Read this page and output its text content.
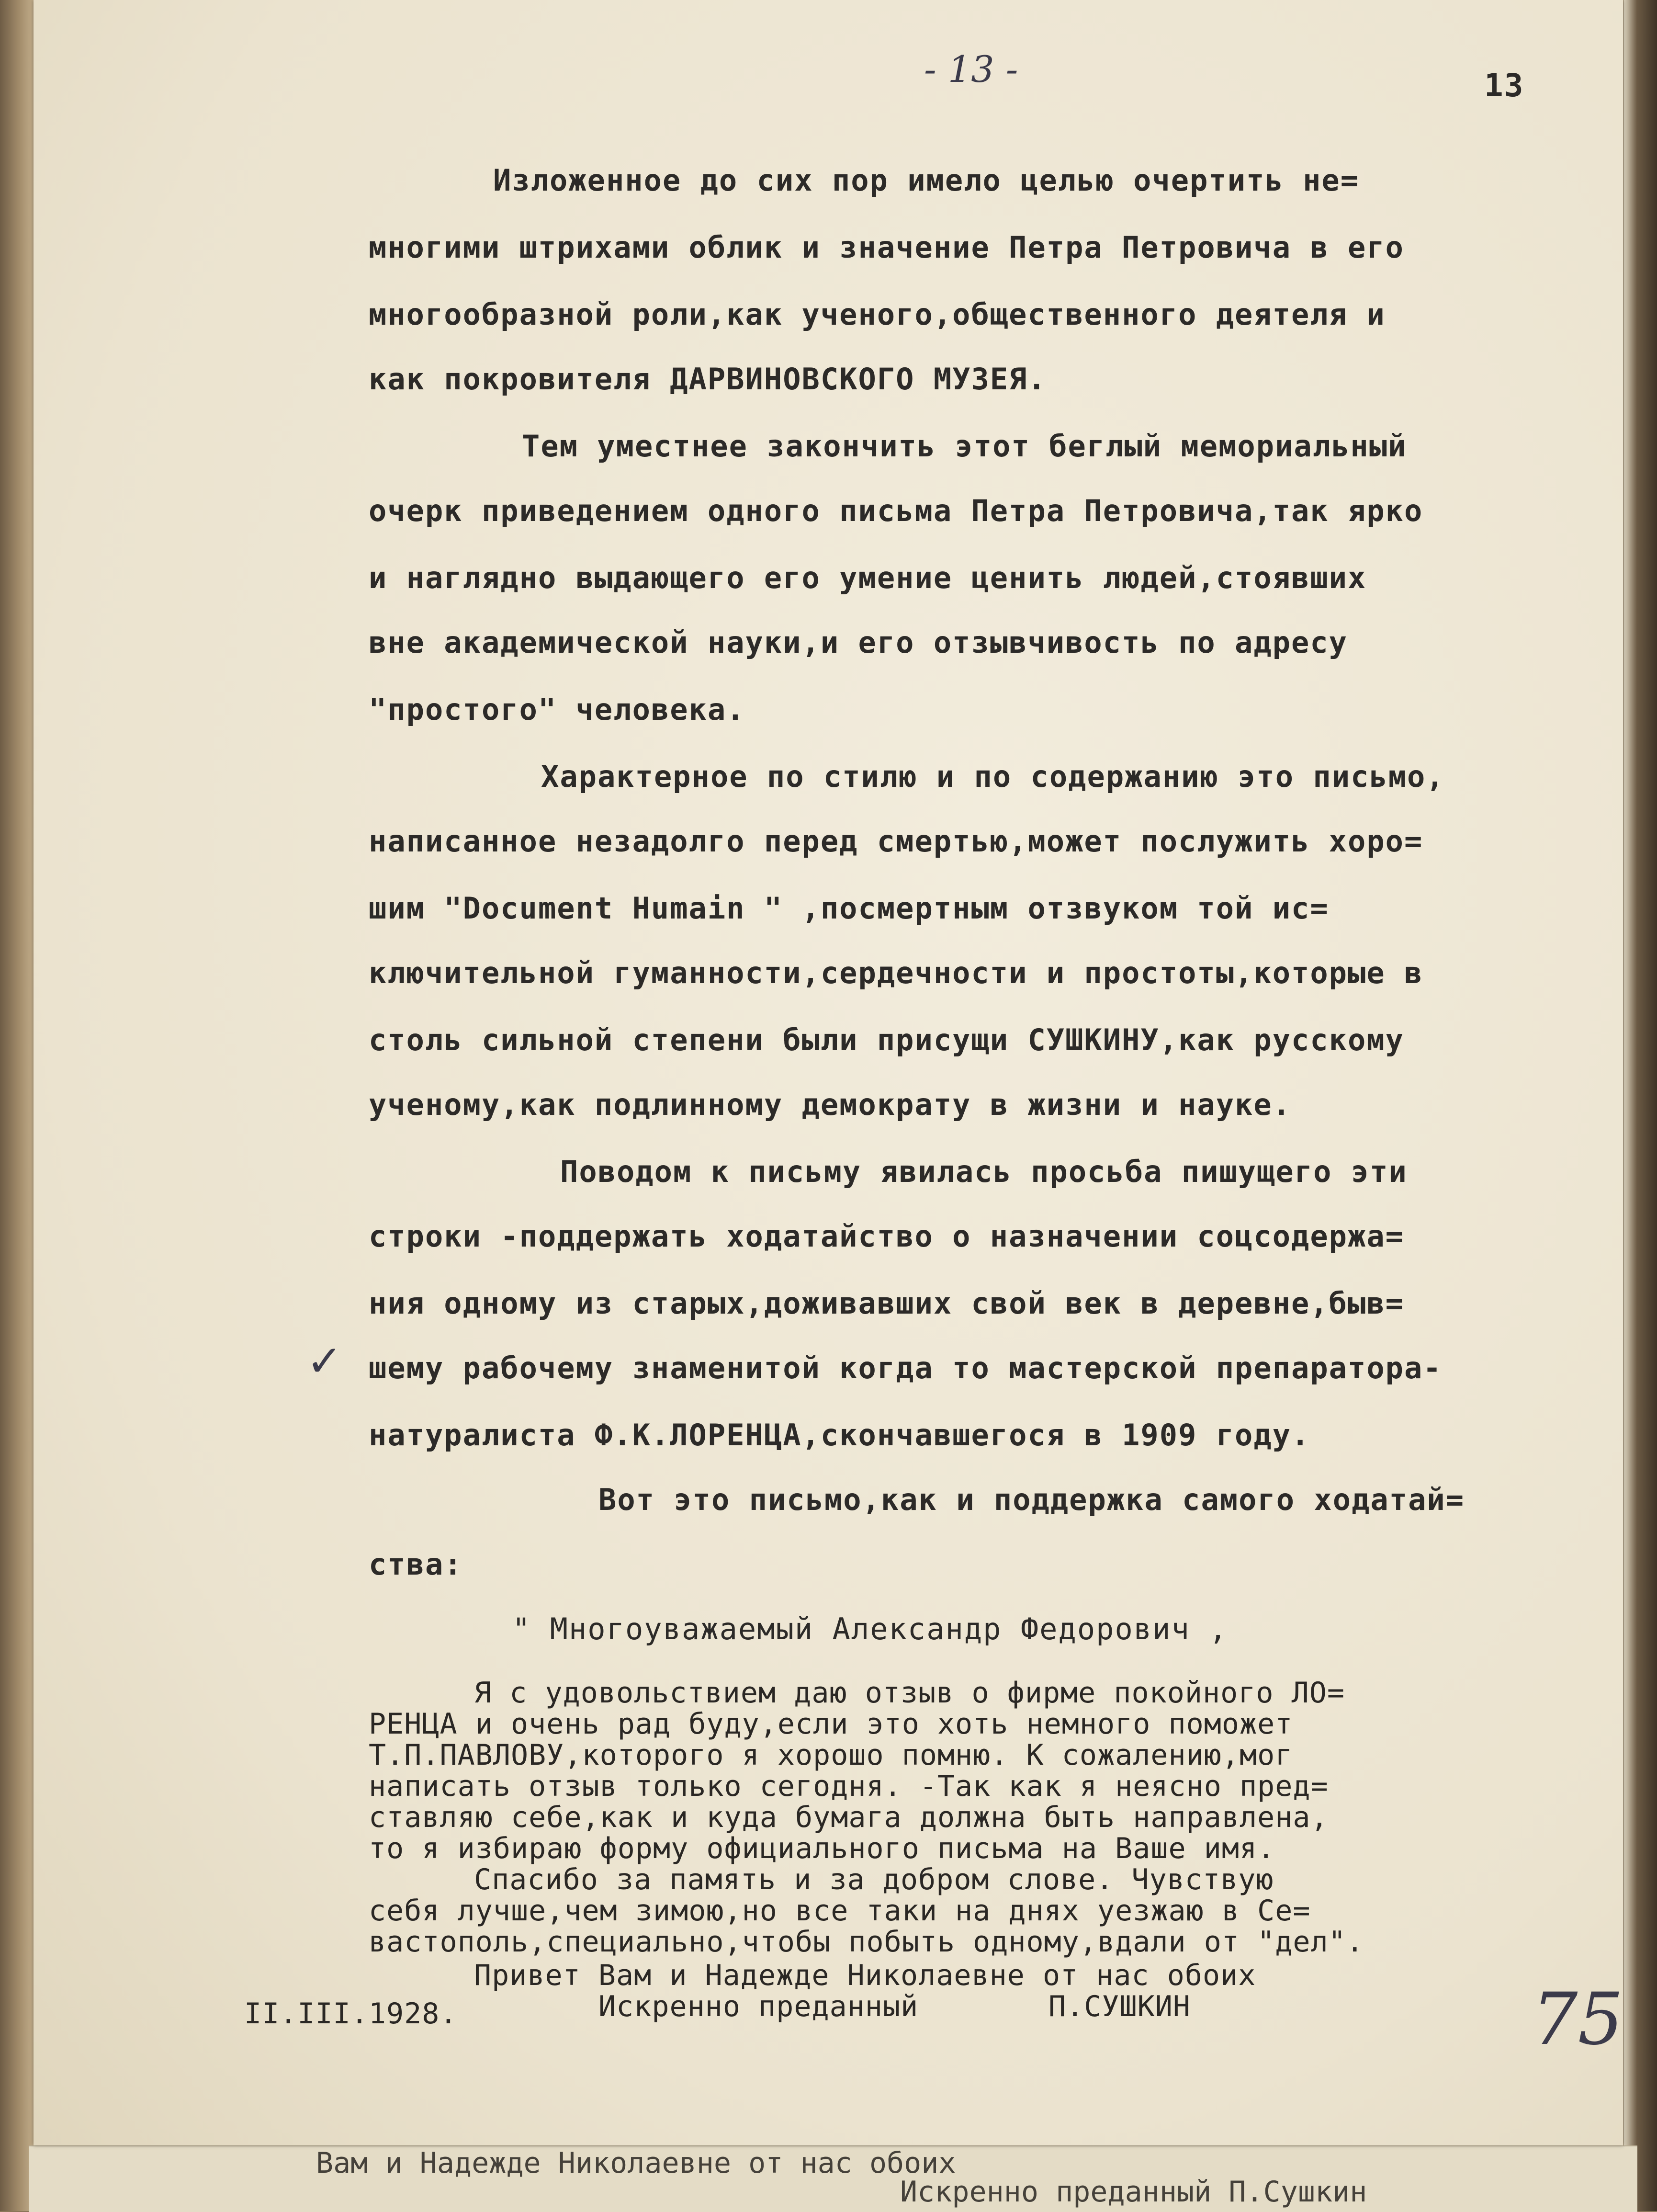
Вам и Надежде Николаевне от нас обоих
Искренно преданный П.Сушкин
- 13 -	13
Изложенное до сих пор имело целью очертить не=
многими штрихами облик и значение Петра Петровича в его
многообразной роли,как ученого,общественного деятеля и
как покровителя ДАРВИНОВСКОГО МУЗЕЯ.
Тем уместнее закончить этот беглый мемориальный
очерк приведением одного письма Петра Петровича,так ярко
и наглядно выдающего его умение ценить людей,стоявших
вне академической науки,и его отзывчивость по адресу
"простого" человека.
Характерное по стилю и по содержанию это письмо,
написанное незадолго перед смертью,может послужить хоро=
шим "Document Humain " ,посмертным отзвуком той ис=
ключительной гуманности,сердечности и простоты,которые в
столь сильной степени были присущи СУШКИНУ,как русскому
ученому,как подлинному демократу в жизни и науке.
Поводом к письму явилась просьба пишущего эти
строки -поддержать ходатайство о назначении соцсодержа=
ния одному из старых,доживавших свой век в деревне,быв=
✓ шему рабочему знаменитой когда то мастерской препаратора-
натуралиста Ф.К.ЛОРЕНЦА,скончавшегося в 1909 году.
Вот это письмо,как и поддержка самого ходатай=
ства:
" Многоуважаемый Александр Федорович ,
Я с удовольствием даю отзыв о фирме покойного ЛО=
РЕНЦА и очень рад буду,если это хоть немного поможет
Т.П.ПАВЛОВУ,которого я хорошо помню. К сожалению,мог
написать отзыв только сегодня. -Так как я неясно пред=
ставляю себе,как и куда бумага должна быть направлена,
то я избираю форму официального письма на Ваше имя.
Спасибо за память и за добром слове. Чувствую
себя лучше,чем зимою,но все таки на днях уезжаю в Се=
вастополь,специально,чтобы побыть одному,вдали от "дел".
Привет Вам и Надежде Николаевне от нас обоих
II.III.1928.	Искренно преданный	П.СУШКИН	75
